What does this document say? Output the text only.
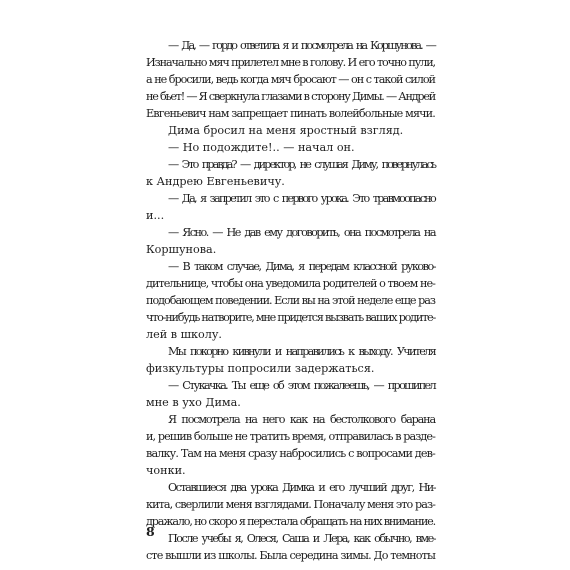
— Да, — гордо ответила я и посмотрела на Коршунова. —
Изначально мяч прилетел мне в голову. И его точно пули,
а не бросили, ведь когда мяч бросают — он с такой силой
не бьет! — Я сверкнула глазами в сторону Димы. — Андрей
Евгеньевич нам запрещает пинать волейбольные мячи.
Дима бросил на меня яростный взгляд.
— Но подождите!.. — начал он.
— Это правда? — директор, не слушая Диму, повернулась
к Андрею Евгеньевичу.
— Да, я запретил это с первого урока. Это травмоопасно
и...
— Ясно. — Не дав ему договорить, она посмотрела на
Коршунова.
— В таком случае, Дима, я передам классной руково-
дительнице, чтобы она уведомила родителей о твоем не-
подобающем поведении. Если вы на этой неделе еще раз
что-нибудь натворите, мне придется вызвать ваших родите-
лей в школу.
Мы покорно кивнули и направились к выходу. Учителя
физкультуры попросили задержаться.
— Стукачка. Ты еще об этом пожалеешь, — прошипел
мне в ухо Дима.
Я посмотрела на него как на бестолкового барана
и, решив больше не тратить время, отправилась в разде-
валку. Там на меня сразу набросились с вопросами дев-
чонки.
Оставшиеся два урока Димка и его лучший друг, Ни-
кита, сверлили меня взглядами. Поначалу меня это раз-
дражало, но скоро я перестала обращать на них внимание.
После учебы я, Олеся, Саша и Лера, как обычно, вме-
сте вышли из школы. Была середина зимы. До темноты
8
